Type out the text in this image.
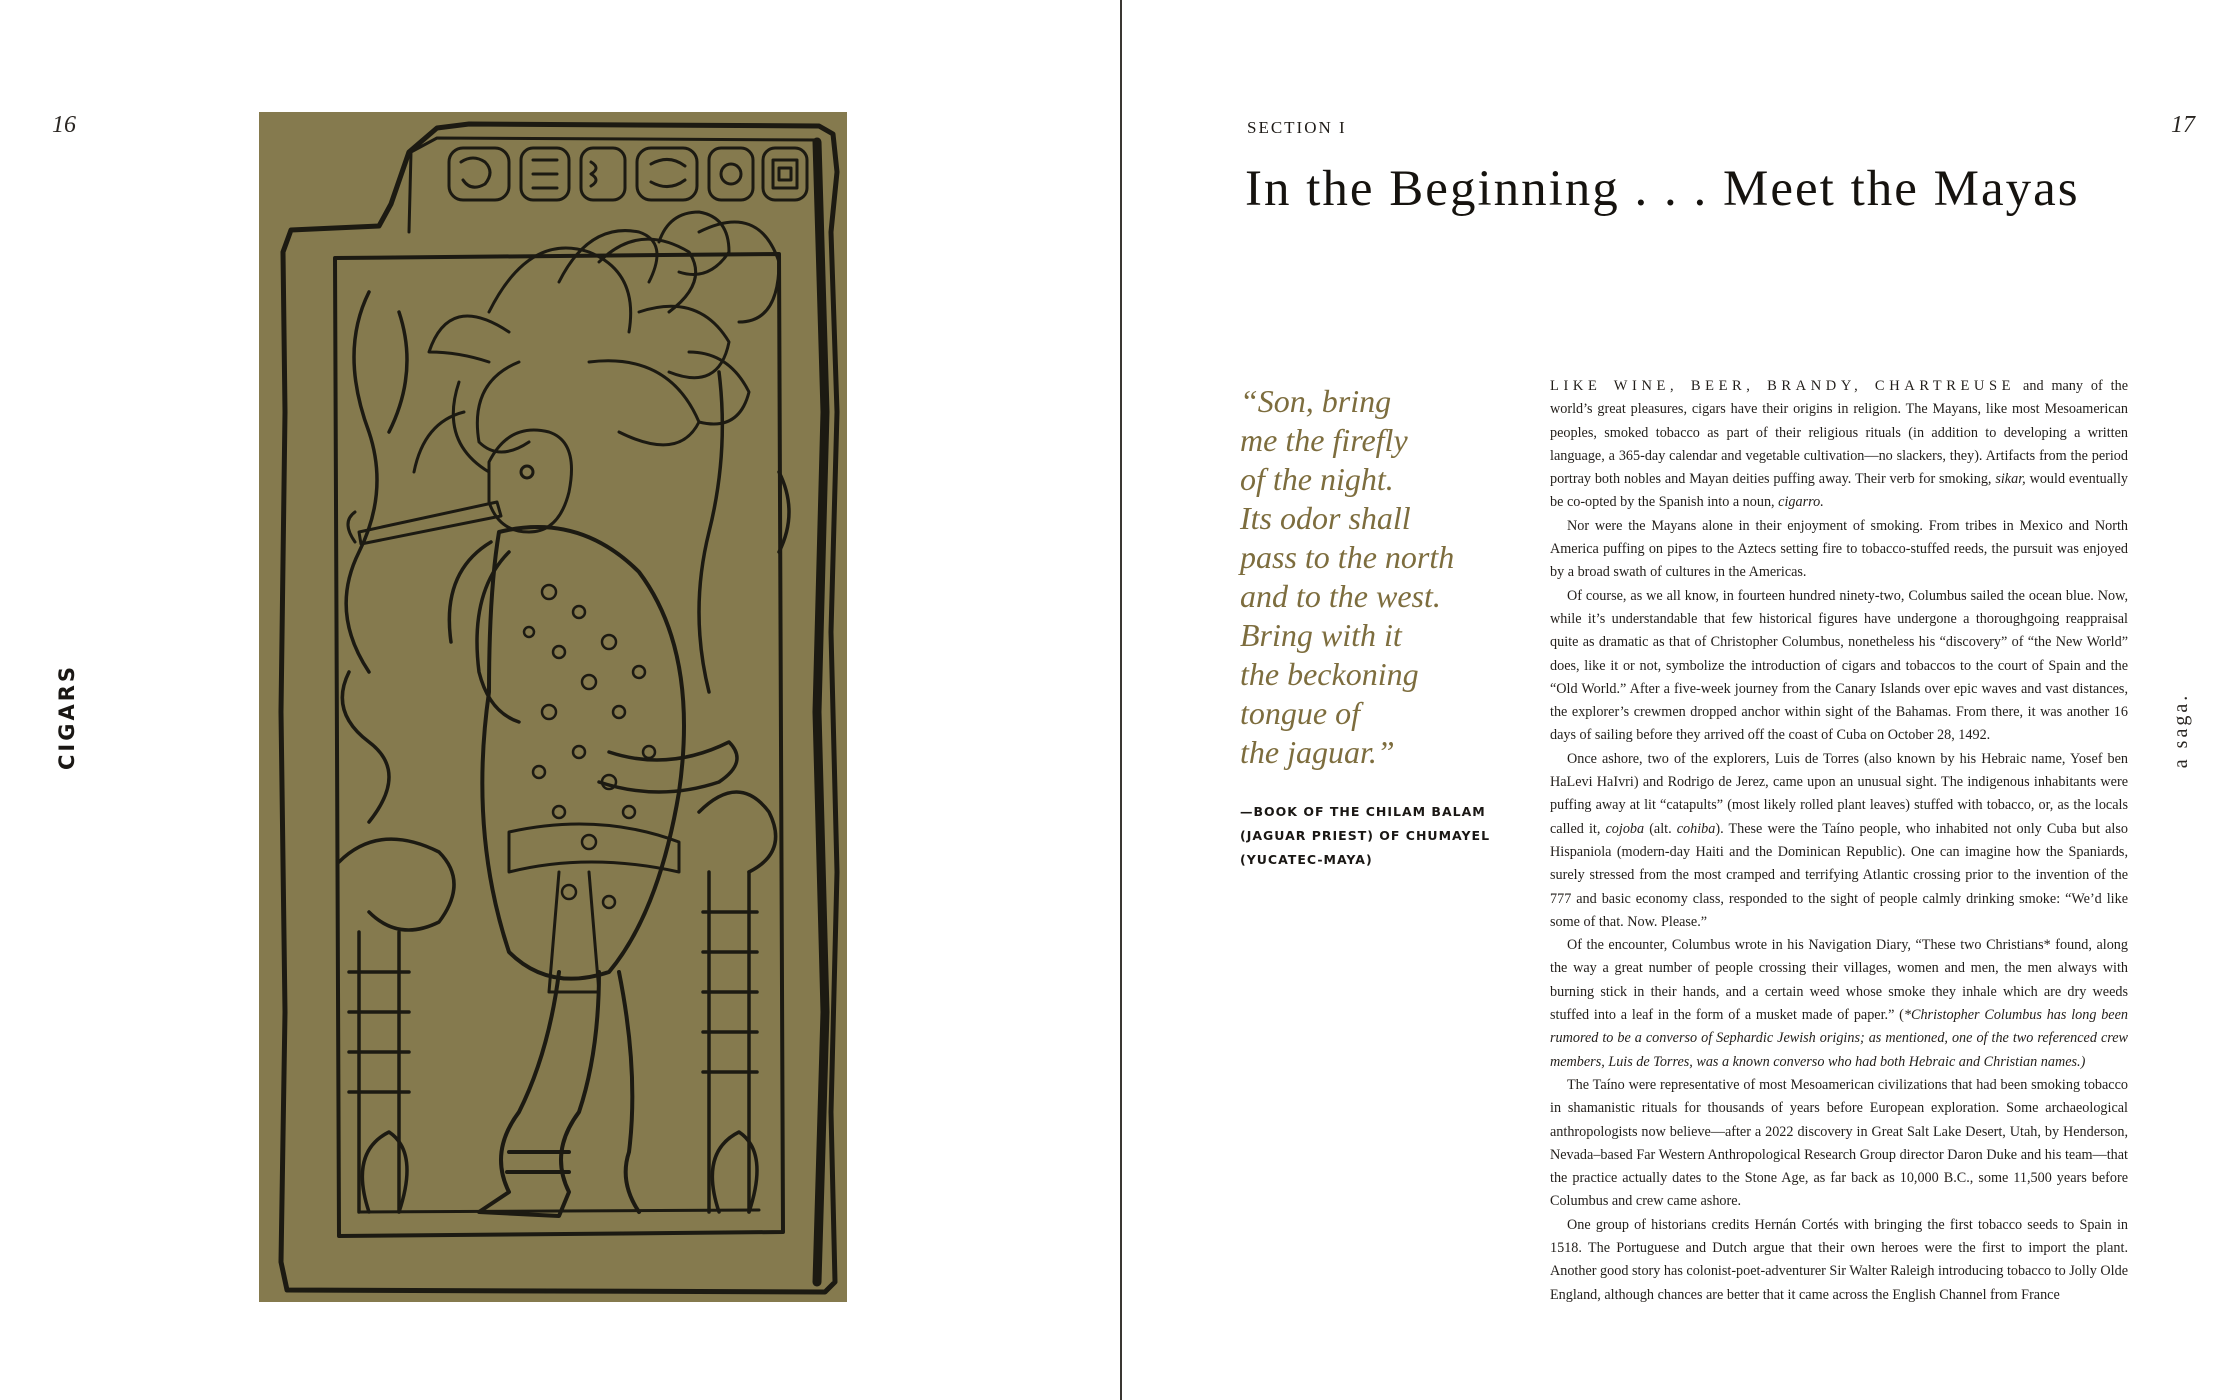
16
CIGARS
17
a saga.
SECTION I
In the Beginning . . . Meet the Mayas

“Son, bring
me the firefly
of the night.
Its odor shall
pass to the north
and to the west.
Bring with it
the beckoning
tongue of
the jaguar.”

—BOOK OF THE CHILAM BALAM
(JAGUAR PRIEST) OF CHUMAYEL
(YUCATEC-MAYA)

LIKE WINE, BEER, BRANDY, CHARTREUSE and many of the world’s great pleasures, cigars have their origins in religion. The Mayans, like most Mesoamerican peoples, smoked tobacco as part of their religious rituals (in addition to developing a written language, a 365-day calendar and vegetable cultivation—no slackers, they). Artifacts from the period portray both nobles and Mayan deities puffing away. Their verb for smoking, sikar, would eventually be co-opted by the Spanish into a noun, cigarro.

Nor were the Mayans alone in their enjoyment of smoking. From tribes in Mexico and North America puffing on pipes to the Aztecs setting fire to tobacco-stuffed reeds, the pursuit was enjoyed by a broad swath of cultures in the Americas.

Of course, as we all know, in fourteen hundred ninety-two, Columbus sailed the ocean blue. Now, while it’s understandable that few historical figures have undergone a thoroughgoing reappraisal quite as dramatic as that of Christopher Columbus, nonetheless his “discovery” of “the New World” does, like it or not, symbolize the introduction of cigars and tobaccos to the court of Spain and the “Old World.” After a five-week journey from the Canary Islands over epic waves and vast distances, the explorer’s crewmen dropped anchor within sight of the Bahamas. From there, it was another 16 days of sailing before they arrived off the coast of Cuba on October 28, 1492.

Once ashore, two of the explorers, Luis de Torres (also known by his Hebraic name, Yosef ben HaLevi HaIvri) and Rodrigo de Jerez, came upon an unusual sight. The indigenous inhabitants were puffing away at lit “catapults” (most likely rolled plant leaves) stuffed with tobacco, or, as the locals called it, cojoba (alt. cohiba). These were the Taíno people, who inhabited not only Cuba but also Hispaniola (modern-day Haiti and the Dominican Republic). One can imagine how the Spaniards, surely stressed from the most cramped and terrifying Atlantic crossing prior to the invention of the 777 and basic economy class, responded to the sight of people calmly drinking smoke: “We’d like some of that. Now. Please.”

Of the encounter, Columbus wrote in his Navigation Diary, “These two Christians* found, along the way a great number of people crossing their villages, women and men, the men always with burning stick in their hands, and a certain weed whose smoke they inhale which are dry weeds stuffed into a leaf in the form of a musket made of paper.” (*Christopher Columbus has long been rumored to be a converso of Sephardic Jewish origins; as mentioned, one of the two referenced crew members, Luis de Torres, was a known converso who had both Hebraic and Christian names.)

The Taíno were representative of most Mesoamerican civilizations that had been smoking tobacco in shamanistic rituals for thousands of years before European exploration. Some archaeological anthropologists now believe—after a 2022 discovery in Great Salt Lake Desert, Utah, by Henderson, Nevada–based Far Western Anthropological Research Group director Daron Duke and his team—that the practice actually dates to the Stone Age, as far back as 10,000 B.C., some 11,500 years before Columbus and crew came ashore.

One group of historians credits Hernán Cortés with bringing the first tobacco seeds to Spain in 1518. The Portuguese and Dutch argue that their own heroes were the first to import the plant. Another good story has colonist-poet-adventurer Sir Walter Raleigh introducing tobacco to Jolly Olde England, although chances are better that it came across the English Channel from France
